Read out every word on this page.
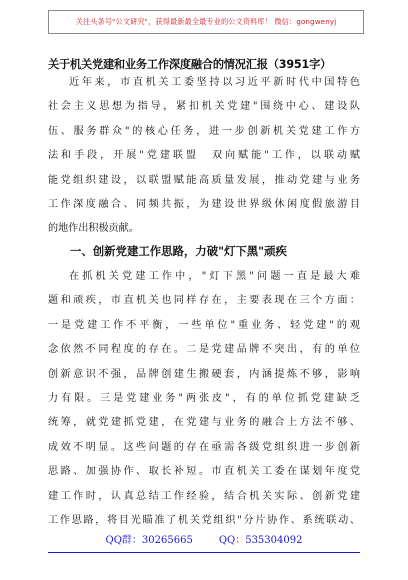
关注头条号"公文研究"，获得最新最全最专业的公文资料库！ 微信：gongwenyj
关于机关党建和业务工作深度融合的情况汇报（3951字）
近年来，市直机关工委坚持以习近平新时代中国特色
社会主义思想为指导，紧扣机关党建"围绕中心、建设队
伍、服务群众"的核心任务，进一步创新机关党建工作方
法和手段，开展"党建联盟　双向赋能"工作，以联动赋
能党组织建设，以联盟赋能高质量发展，推动党建与业务
工作深度融合、同频共振，为建设世界级休闲度假旅游目
的地作出积极贡献。
一、创新党建工作思路，力破"灯下黑"顽疾
在抓机关党建工作中，"灯下黑"问题一直是最大难
题和顽疾，市直机关也同样存在，主要表现在三个方面：
一是党建工作不平衡，一些单位"重业务、轻党建"的观
念依然不同程度的存在。二是党建品牌不突出，有的单位
创新意识不强，品牌创建生搬硬套，内涵提炼不够，影响
力有限。三是党建业务"两张皮"，有的单位抓党建缺乏
统筹，就党建抓党建，在党建与业务的融合上方法不够、
成效不明显。这些问题的存在亟需各级党组织进一步创新
思路、加强协作、取长补短。市直机关工委在谋划年度党
建工作时，认真总结工作经验，结合机关实际、创新党建
工作思路，将目光瞄准了机关党组织"分片协作、系统联动、
QQ群：30265665	QQ：535304092
